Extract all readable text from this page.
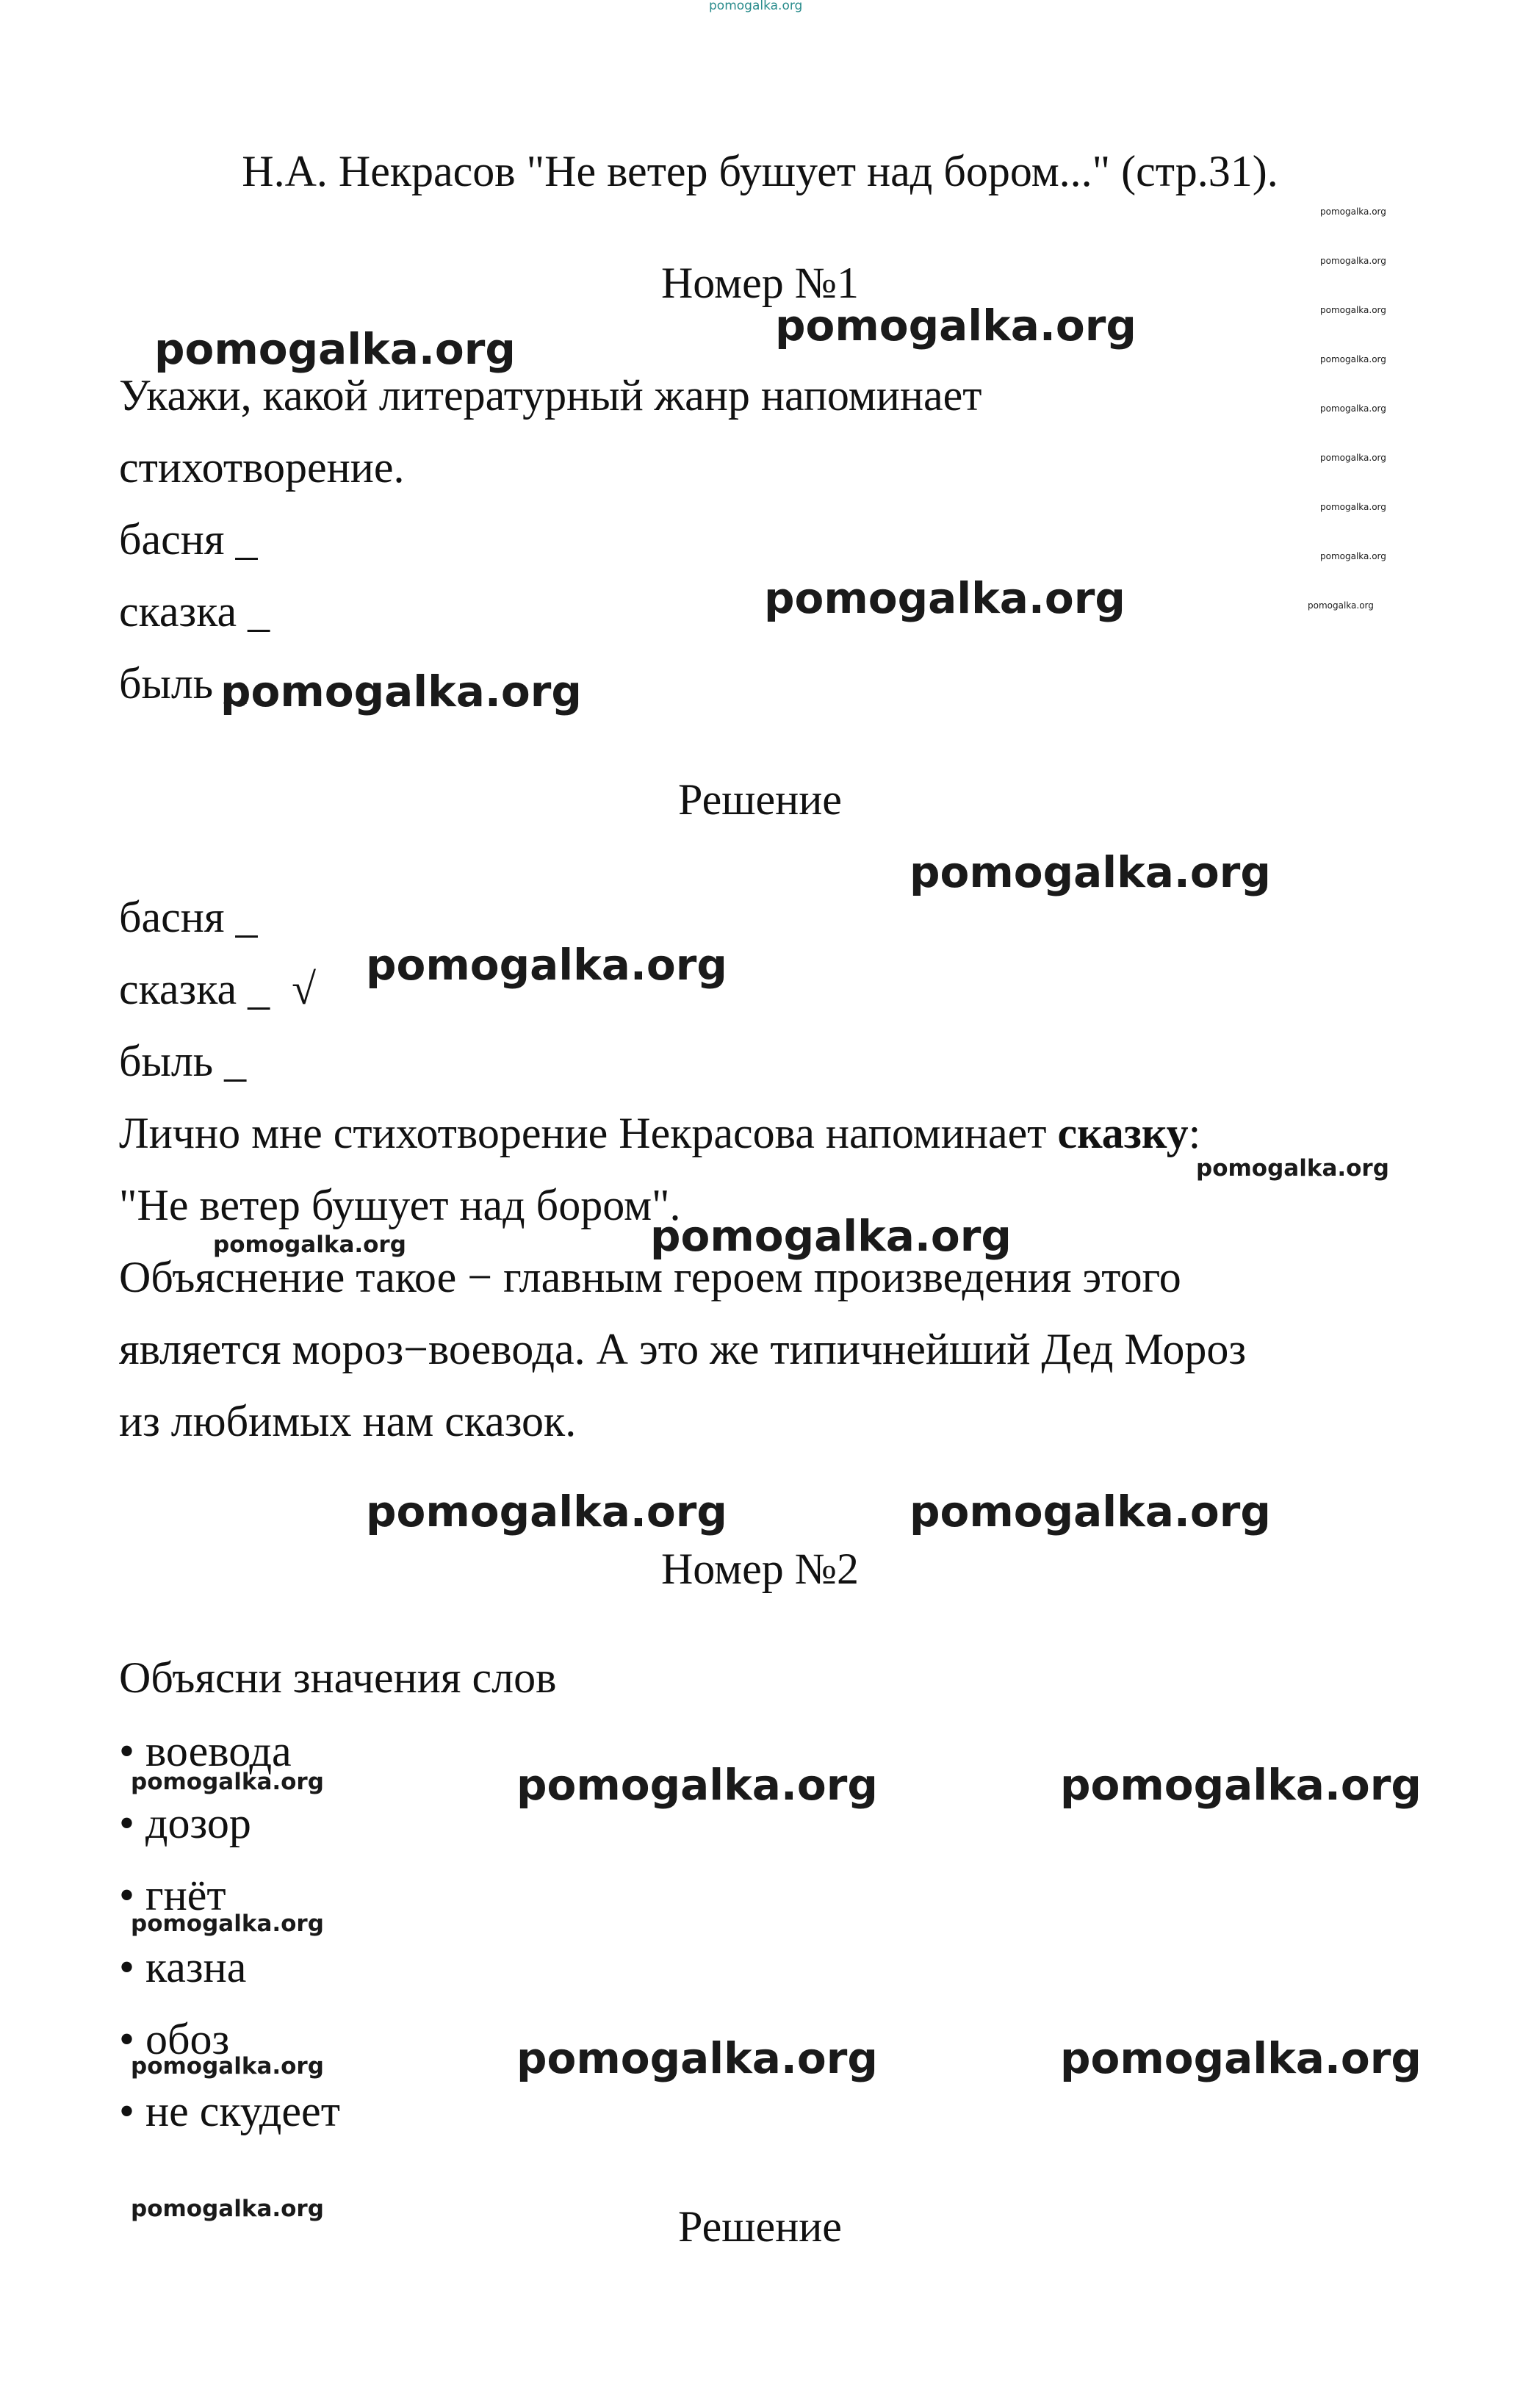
pomogalka.org
Н.А. Некрасов "Не ветер бушует над бором..." (стр.31).
Номер №1
Укажи, какой литературный жанр напоминает
стихотворение.
басня _
сказка _
быль _
Решение
басня _
сказка _ √
быль _
Лично мне стихотворение Некрасова напоминает сказку:
"Не ветер бушует над бором".
Объяснение такое − главным героем произведения этого
является мороз−воевода. А это же типичнейший Дед Мороз
из любимых нам сказок.
Номер №2
Объясни значения слов
• воевода
• дозор
• гнёт
• казна
• обоз
• не скудеет
Решение
pomogalka.org	pomogalka.org
pomogalka.org
pomogalka.org
pomogalka.org
pomogalka.org
pomogalka.org
pomogalka.org	pomogalka.org
pomogalka.org	pomogalka.org
pomogalka.org	pomogalka.org
pomogalka.org
pomogalka.org
pomogalka.org
pomogalka.org
pomogalka.org
pomogalka.org
pomogalka.org
pomogalka.org
pomogalka.org
pomogalka.org
pomogalka.org
pomogalka.org
pomogalka.org
pomogalka.org
pomogalka.org
